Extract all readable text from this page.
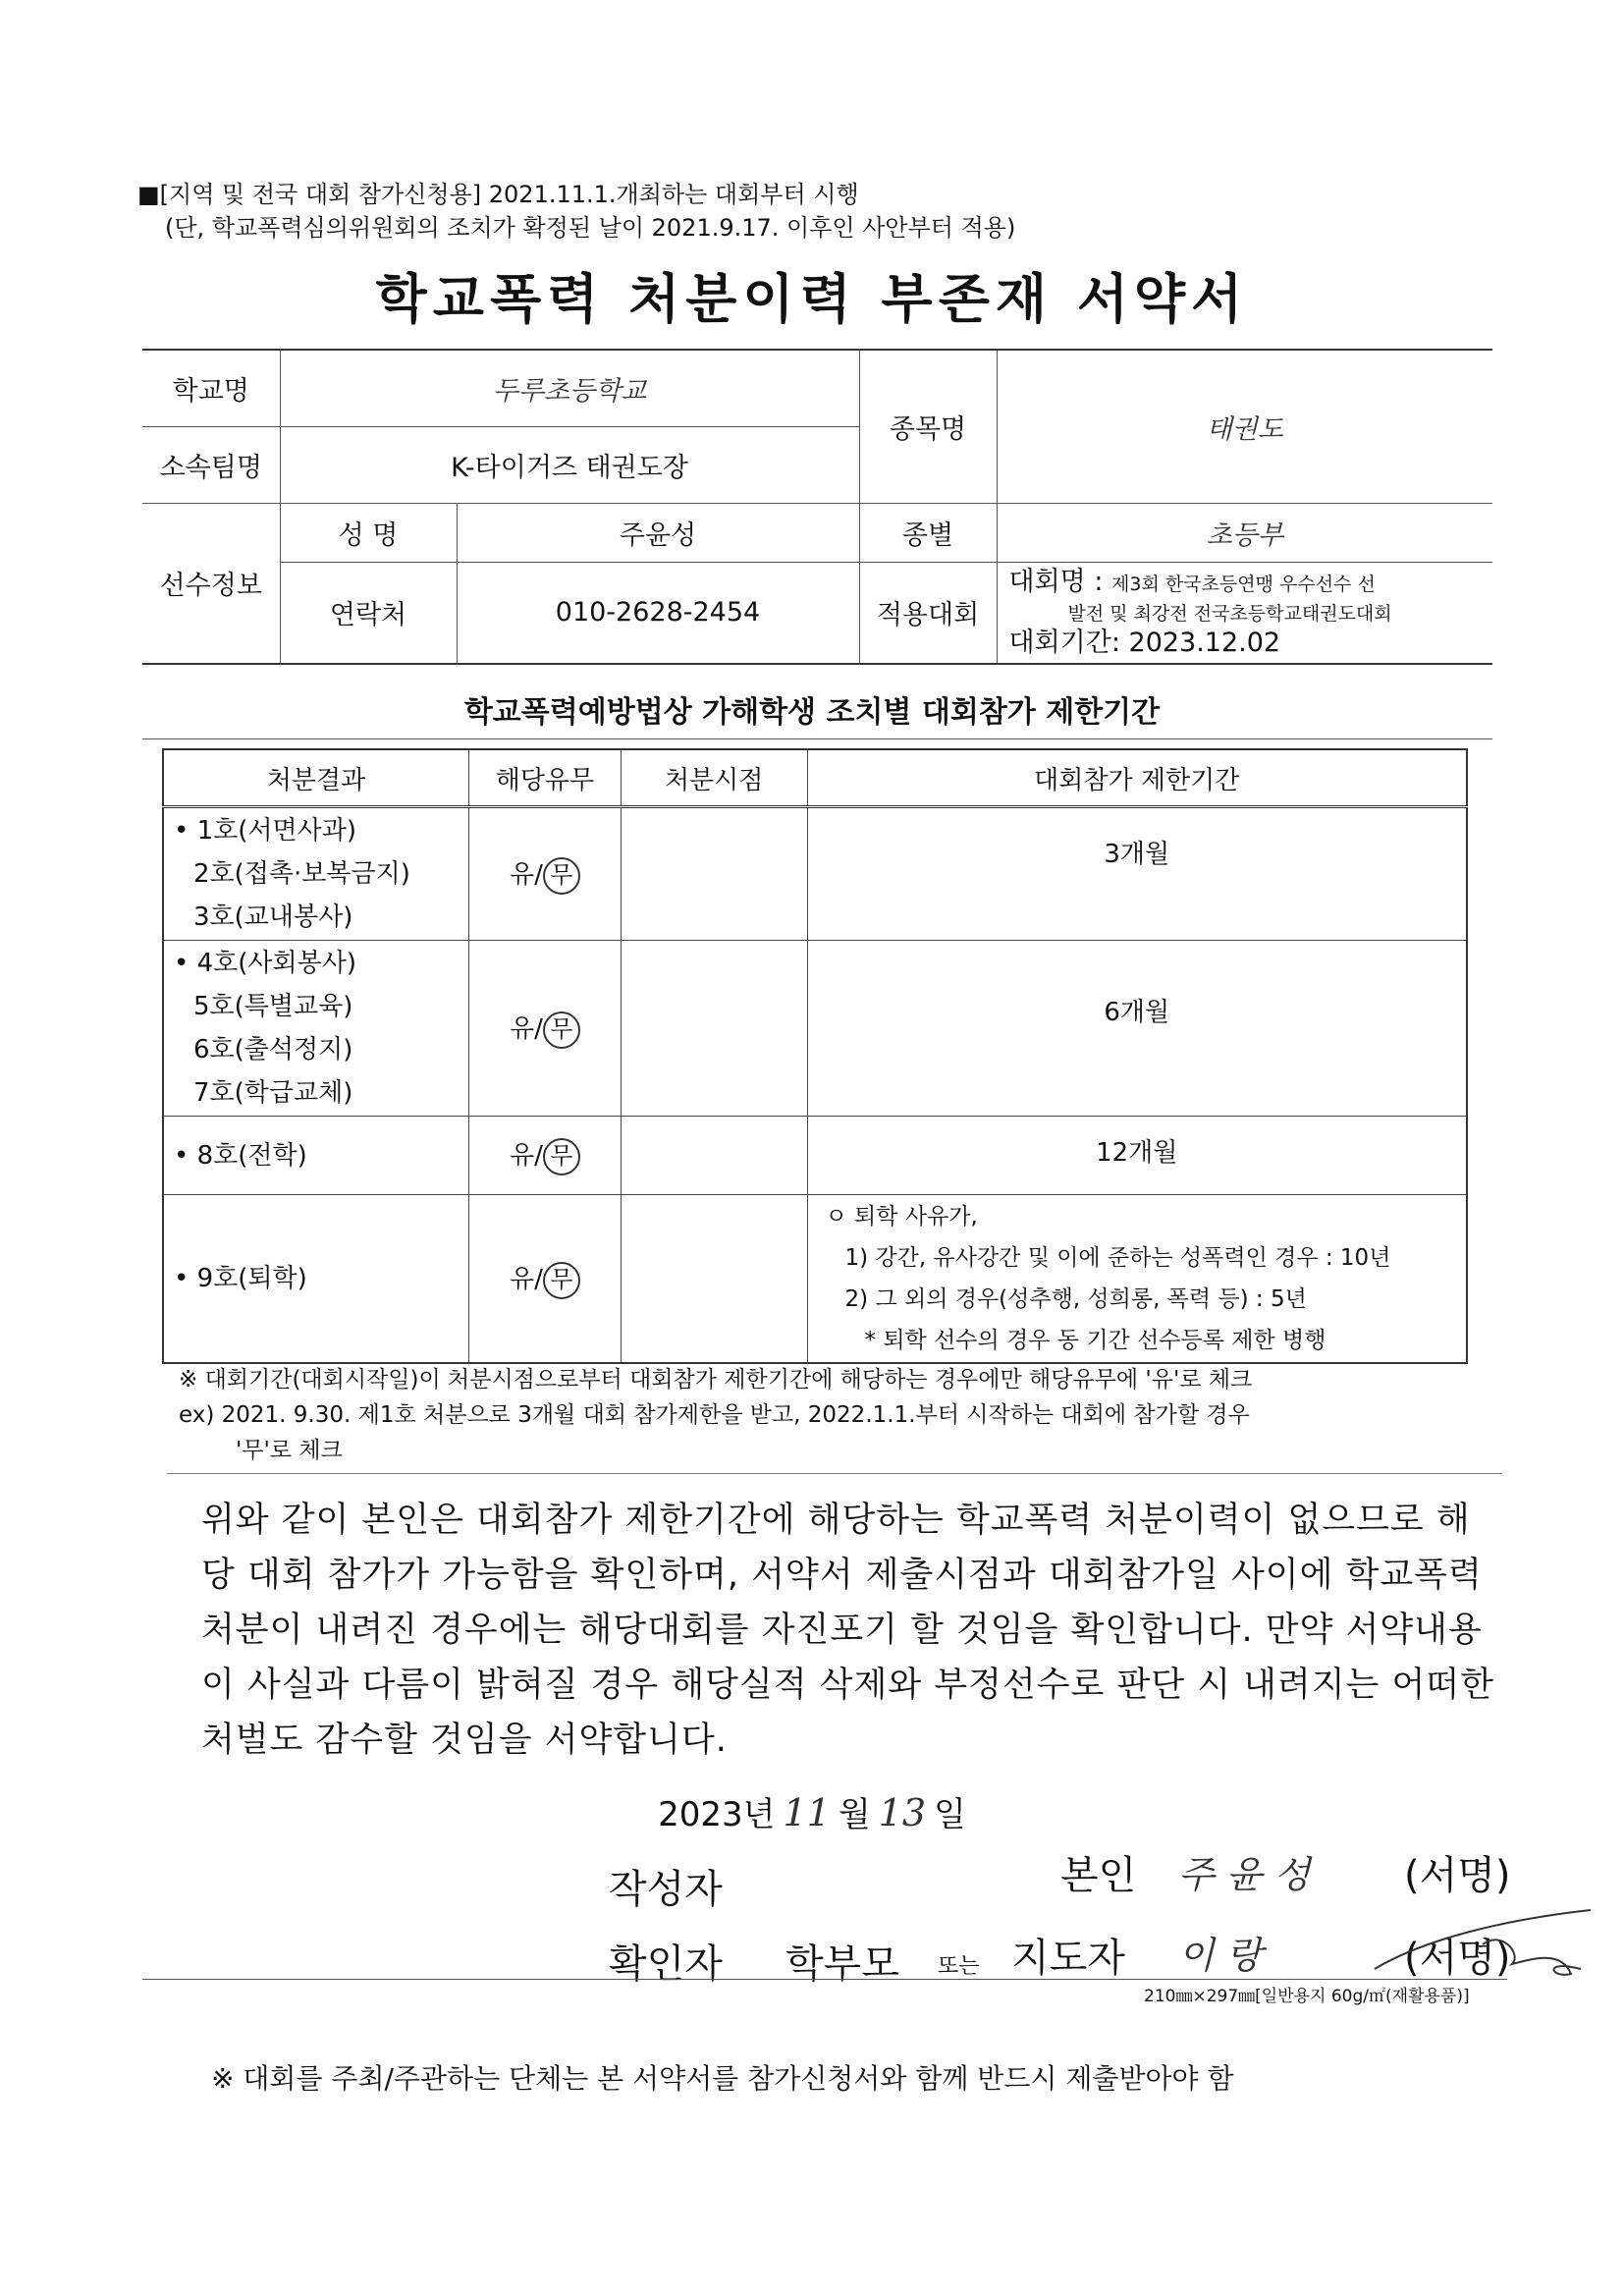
■[지역 및 전국 대회 참가신청용] 2021.11.1.개최하는 대회부터 시행
(단, 학교폭력심의위원회의 조치가 확정된 날이 2021.9.17. 이후인 사안부터 적용)
학교폭력 처분이력 부존재 서약서
학교명	두루초등학교		종목명	태권도
소속팀명	K-타이거즈 태권도장			
선수정보	성 명	주윤성	종별	초등부
	연락처	010-2628-2454	적용대회	대회명 : 제3회 한국초등연맹 우수선수 선
발전 및 최강전 전국초등학교태권도대회
대회기간: 2023.12.02
학교폭력예방법상 가해학생 조치별 대회참가 제한기간
처분결과	해당유무	처분시점	대회참가 제한기간

• 1호(서면사과)
2호(접촉·보복금지)
3호(교내봉사)	유/ 무		3개월

• 4호(사회봉사)
5호(특별교육)
6호(출석정지)
7호(학급교체)	유/ 무		6개월

• 8호(전학)	유/ 무		12개월

• 9호(퇴학)	유/ 무		ㅇ 퇴학 사유가,
1) 강간, 유사강간 및 이에 준하는 성폭력인 경우 : 10년
2) 그 외의 경우(성추행, 성희롱, 폭력 등) : 5년
* 퇴학 선수의 경우 동 기간 선수등록 제한 병행
※ 대회기간(대회시작일)이 처분시점으로부터 대회참가 제한기간에 해당하는 경우에만 해당유무에 '유'로 체크
ex) 2021. 9.30. 제1호 처분으로 3개월 대회 참가제한을 받고, 2022.1.1.부터 시작하는 대회에 참가할 경우
'무'로 체크
위와 같이 본인은 대회참가 제한기간에 해당하는 학교폭력 처분이력이 없으므로 해당 대회 참가가 가능함을 확인하며, 서약서 제출시점과 대회참가일 사이에 학교폭력 처분이 내려진 경우에는 해당대회를 자진포기 할 것임을 확인합니다. 만약 서약내용이 사실과 다름이 밝혀질 경우 해당실적 삭제와 부정선수로 판단 시 내려지는 어떠한 처벌도 감수할 것임을 서약합니다.
2023년 11 월 13 일
작성자	본인 주 윤 성 (서명)
확인자 학부모 또는 지도자 이 랑	(서명)
210㎜×297㎜[일반용지 60g/㎡(재활용품)]
※ 대회를 주최/주관하는 단체는 본 서약서를 참가신청서와 함께 반드시 제출받아야 함
